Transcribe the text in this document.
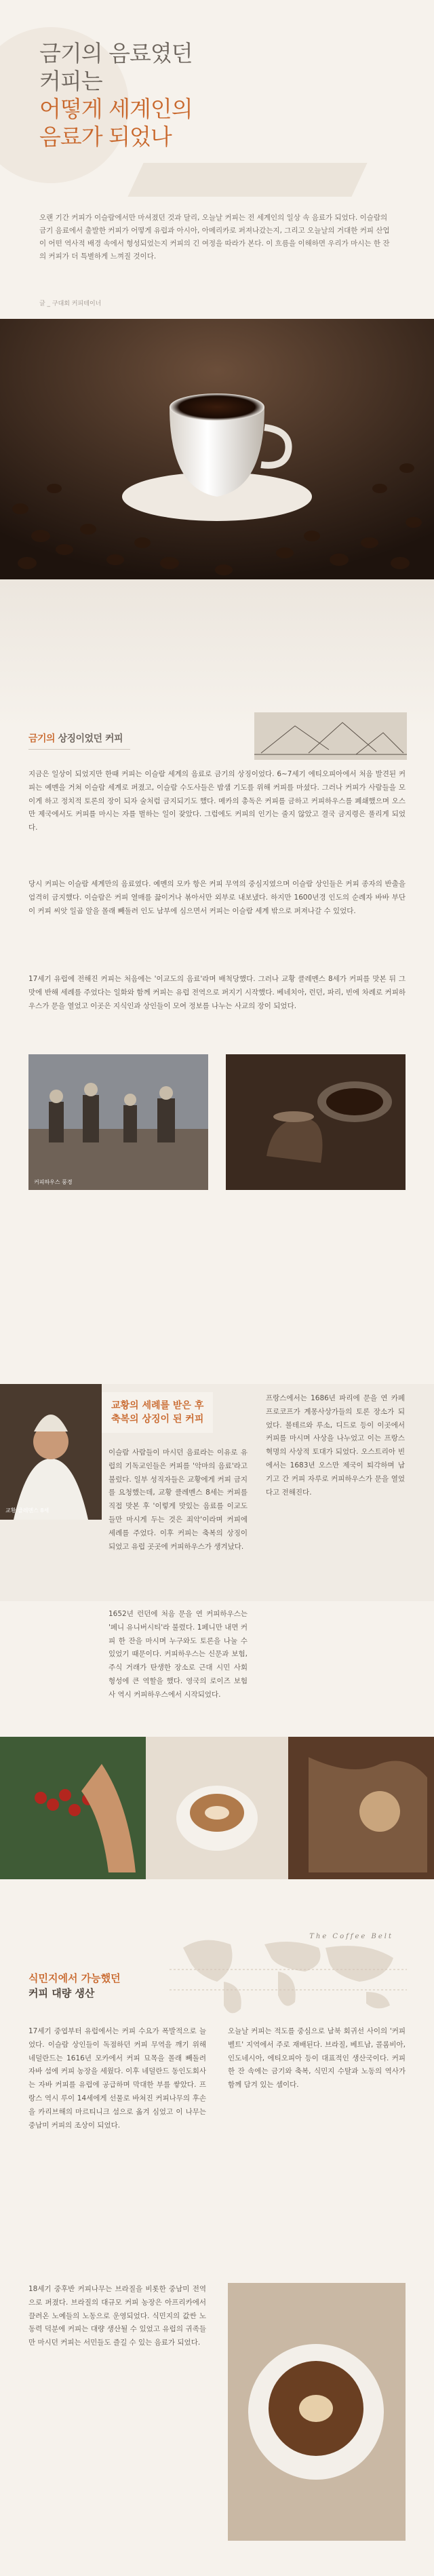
금기의 음료였던
커피는
어떻게 세계인의
음료가 되었나

오랜 기간 커피가 이슬람에서만 마셔졌던 것과 달리, 오늘날 커피는 전 세계인의 일상 속 음료가 되었다. 이슬람의 금기 음료에서 출발한 커피가 어떻게 유럽과 아시아, 아메리카로 퍼져나갔는지, 그리고 오늘날의 거대한 커피 산업이 어떤 역사적 배경 속에서 형성되었는지 커피의 긴 여정을 따라가 본다. 이 흐름을 이해하면 우리가 마시는 한 잔의 커피가 더 특별하게 느껴질 것이다.

글 _ 구대회 커피테이너

금기의 상징이었던 커피

지금은 일상이 되었지만 한때 커피는 이슬람 세계의 음료로 금기의 상징이었다. 6~7세기 에티오피아에서 처음 발견된 커피는 예멘을 거쳐 이슬람 세계로 퍼졌고, 이슬람 수도사들은 밤샘 기도를 위해 커피를 마셨다. 그러나 커피가 사람들을 모이게 하고 정치적 토론의 장이 되자 술처럼 금지되기도 했다. 메카의 총독은 커피를 금하고 커피하우스를 폐쇄했으며 오스만 제국에서도 커피를 마시는 자를 벌하는 일이 잦았다. 그럼에도 커피의 인기는 줄지 않았고 결국 금지령은 풀리게 되었다.

당시 커피는 이슬람 세계만의 음료였다. 예멘의 모카 항은 커피 무역의 중심지였으며 이슬람 상인들은 커피 종자의 반출을 엄격히 금지했다. 이슬람은 커피 열매를 끓이거나 볶아서만 외부로 내보냈다. 하지만 1600년경 인도의 순례자 바바 부단이 커피 씨앗 일곱 알을 몰래 빼돌려 인도 남부에 심으면서 커피는 이슬람 세계 밖으로 퍼져나갈 수 있었다.

17세기 유럽에 전해진 커피는 처음에는 '이교도의 음료'라며 배척당했다. 그러나 교황 클레멘스 8세가 커피를 맛본 뒤 그 맛에 반해 세례를 주었다는 일화와 함께 커피는 유럽 전역으로 퍼지기 시작했다. 베네치아, 런던, 파리, 빈에 차례로 커피하우스가 문을 열었고 이곳은 지식인과 상인들이 모여 정보를 나누는 사교의 장이 되었다.

커피하우스 풍경
교황 클레멘스 8세
교황의 세례를 받은 후
축복의 상징이 된 커피

이슬람 사람들이 마시던 음료라는 이유로 유럽의 기독교인들은 커피를 '악마의 음료'라고 불렀다. 일부 성직자들은 교황에게 커피 금지를 요청했는데, 교황 클레멘스 8세는 커피를 직접 맛본 후 '이렇게 맛있는 음료를 이교도들만 마시게 두는 것은 죄악'이라며 커피에 세례를 주었다. 이후 커피는 축복의 상징이 되었고 유럽 곳곳에 커피하우스가 생겨났다.

1652년 런던에 처음 문을 연 커피하우스는 '페니 유니버시티'라 불렸다. 1페니만 내면 커피 한 잔을 마시며 누구와도 토론을 나눌 수 있었기 때문이다. 커피하우스는 신문과 보험, 주식 거래가 탄생한 장소로 근대 시민 사회 형성에 큰 역할을 했다. 영국의 로이즈 보험사 역시 커피하우스에서 시작되었다.

프랑스에서는 1686년 파리에 문을 연 카페 프로코프가 계몽사상가들의 토론 장소가 되었다. 볼테르와 루소, 디드로 등이 이곳에서 커피를 마시며 사상을 나누었고 이는 프랑스 혁명의 사상적 토대가 되었다. 오스트리아 빈에서는 1683년 오스만 제국이 퇴각하며 남기고 간 커피 자루로 커피하우스가 문을 열었다고 전해진다.

식민지에서 가능했던
커피 대량 생산
The Coffee Belt

17세기 중엽부터 유럽에서는 커피 수요가 폭발적으로 늘었다. 이슬람 상인들이 독점하던 커피 무역을 깨기 위해 네덜란드는 1616년 모카에서 커피 묘목을 몰래 빼돌려 자바 섬에 커피 농장을 세웠다. 이후 네덜란드 동인도회사는 자바 커피를 유럽에 공급하며 막대한 부를 쌓았다. 프랑스 역시 루이 14세에게 선물로 바쳐진 커피나무의 후손을 카리브해의 마르티니크 섬으로 옮겨 심었고 이 나무는 중남미 커피의 조상이 되었다.

18세기 중후반 커피나무는 브라질을 비롯한 중남미 전역으로 퍼졌다. 브라질의 대규모 커피 농장은 아프리카에서 끌려온 노예들의 노동으로 운영되었다. 식민지의 값싼 노동력 덕분에 커피는 대량 생산될 수 있었고 유럽의 귀족들만 마시던 커피는 서민들도 즐길 수 있는 음료가 되었다.

오늘날 커피는 적도를 중심으로 남북 회귀선 사이의 '커피 벨트' 지역에서 주로 재배된다. 브라질, 베트남, 콜롬비아, 인도네시아, 에티오피아 등이 대표적인 생산국이다. 커피 한 잔 속에는 금기와 축복, 식민지 수탈과 노동의 역사가 함께 담겨 있는 셈이다.
